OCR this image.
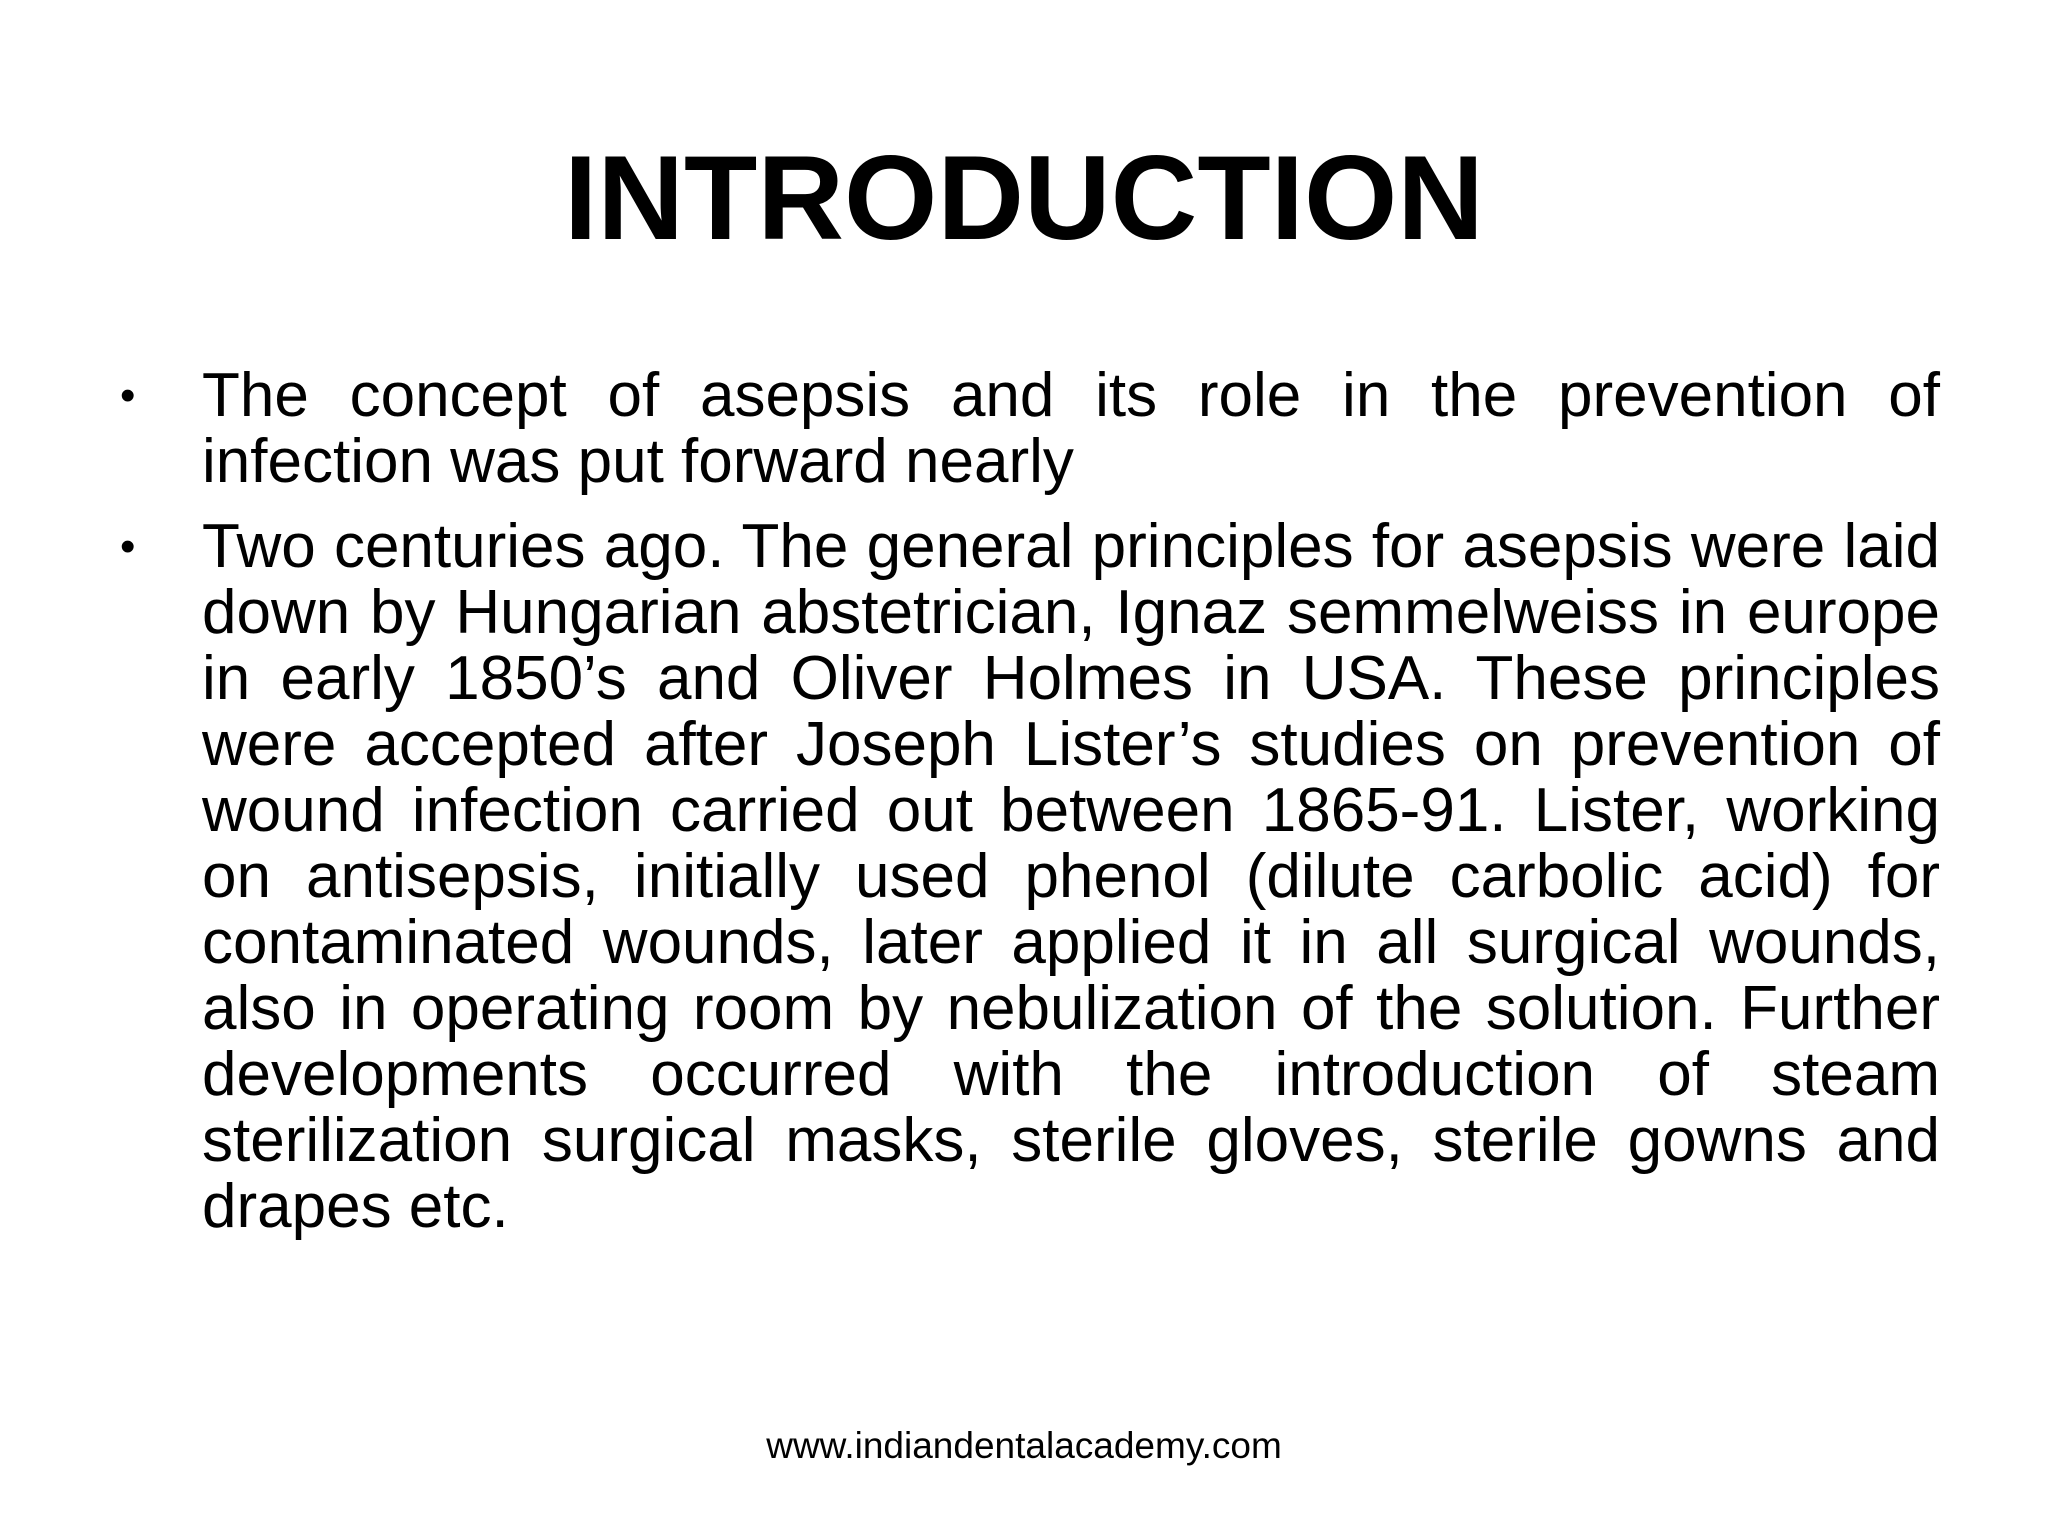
INTRODUCTION
•	The concept of asepsis and its role in the prevention of infection was put forward nearly
•	Two centuries ago. The general principles for asepsis were laid down by Hungarian abstetrician, Ignaz semmelweiss in europe in early 1850’s and Oliver Holmes in USA. These principles were accepted after Joseph Lister’s studies on prevention of wound infection carried out between 1865-91. Lister, working on antisepsis, initially used phenol (dilute carbolic acid) for contaminated wounds, later applied it in all surgical wounds, also in operating room by nebulization of the solution. Further developments occurred with the introduction of steam sterilization surgical masks, sterile gloves, sterile gowns and drapes etc.
www.indiandentalacademy.com
